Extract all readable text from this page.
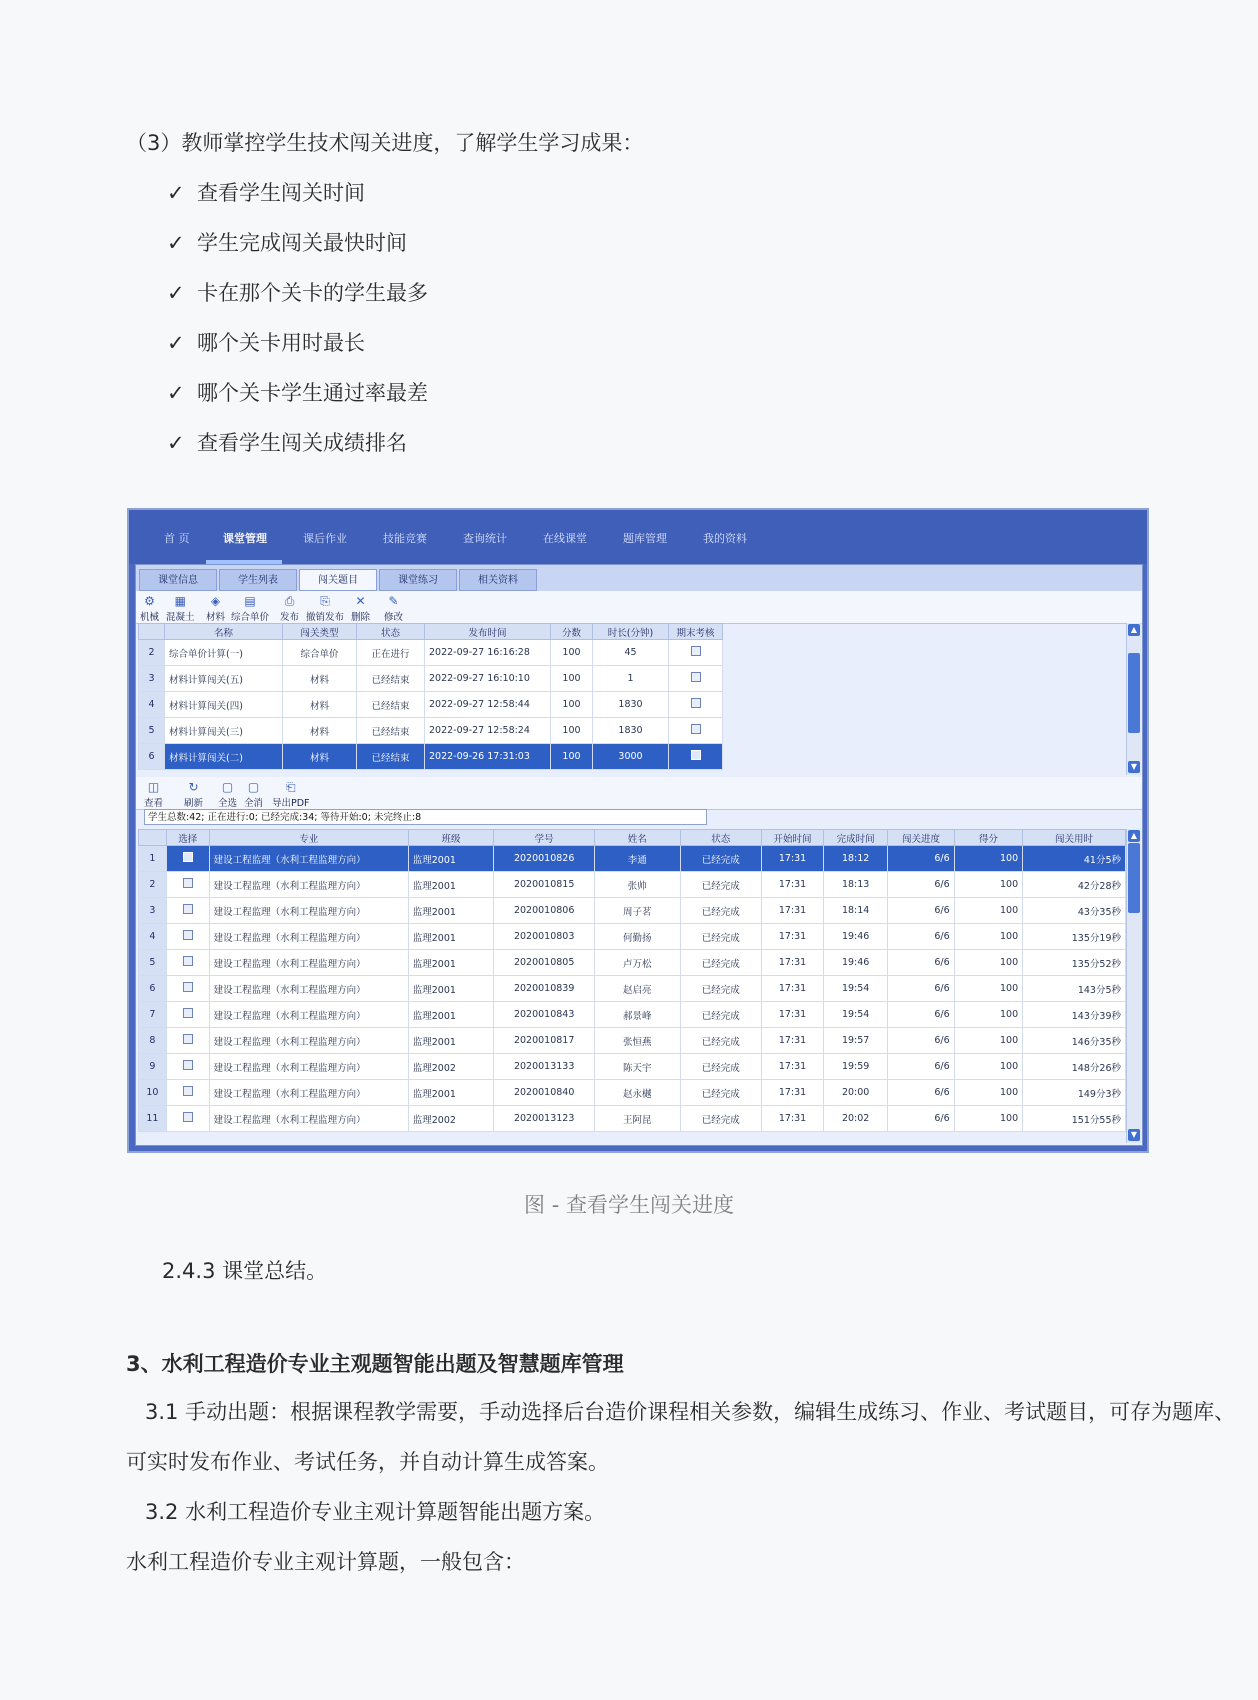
（3）教师掌控学生技术闯关进度，了解学生学习成果：
✓ 查看学生闯关时间
✓ 学生完成闯关最快时间
✓ 卡在那个关卡的学生最多
✓ 哪个关卡用时最长
✓ 哪个关卡学生通过率最差
✓ 查看学生闯关成绩排名
首 页	课堂管理	课后作业	技能竞赛	查询统计	在线课堂	题库管理	我的资料
课堂信息	学生列表	闯关题目	课堂练习	相关资料
⚙
机械
▦
混凝土
◈
材料
▤
综合单价
⎙
发布
⎘
撤销发布
✕
删除
✎
修改
	名称	闯关类型	状态	发布时间	分数	时长(分钟)	期末考核
2	综合单价计算(一)	综合单价	正在进行	2022-09-27 16:16:28	100	45	
3	材料计算闯关(五)	材料	已经结束	2022-09-27 16:10:10	100	1	
4	材料计算闯关(四)	材料	已经结束	2022-09-27 12:58:44	100	1830	
5	材料计算闯关(三)	材料	已经结束	2022-09-27 12:58:24	100	1830	
6	材料计算闯关(二)	材料	已经结束	2022-09-26 17:31:03	100	3000	
▲
▼
◫
查看
↻
刷新
▢
全选
▢
全消
⎗
导出PDF
学生总数:42; 正在进行:0; 已经完成:34; 等待开始:0; 未完终止:8
	选择	专业	班级	学号	姓名	状态	开始时间	完成时间	闯关进度	得分	闯关用时
1		建设工程监理（水利工程监理方向）	监理2001	2020010826	李通	已经完成	17:31	18:12	6/6	100	41分5秒
2		建设工程监理（水利工程监理方向）	监理2001	2020010815	张帅	已经完成	17:31	18:13	6/6	100	42分28秒
3		建设工程监理（水利工程监理方向）	监理2001	2020010806	周子茗	已经完成	17:31	18:14	6/6	100	43分35秒
4		建设工程监理（水利工程监理方向）	监理2001	2020010803	何勤扬	已经完成	17:31	19:46	6/6	100	135分19秒
5		建设工程监理（水利工程监理方向）	监理2001	2020010805	卢万松	已经完成	17:31	19:46	6/6	100	135分52秒
6		建设工程监理（水利工程监理方向）	监理2001	2020010839	赵启亮	已经完成	17:31	19:54	6/6	100	143分5秒
7		建设工程监理（水利工程监理方向）	监理2001	2020010843	郝景峰	已经完成	17:31	19:54	6/6	100	143分39秒
8		建设工程监理（水利工程监理方向）	监理2001	2020010817	张恒燕	已经完成	17:31	19:57	6/6	100	146分35秒
9		建设工程监理（水利工程监理方向）	监理2002	2020013133	陈天宇	已经完成	17:31	19:59	6/6	100	148分26秒
10		建设工程监理（水利工程监理方向）	监理2001	2020010840	赵永樾	已经完成	17:31	20:00	6/6	100	149分3秒
11		建设工程监理（水利工程监理方向）	监理2002	2020013123	王阿昆	已经完成	17:31	20:02	6/6	100	151分55秒
▲
▼
图 - 查看学生闯关进度
2.4.3 课堂总结。
3、水利工程造价专业主观题智能出题及智慧题库管理
3.1 手动出题：根据课程教学需要，手动选择后台造价课程相关参数，编辑生成练习、作业、考试题目，可存为题库、
可实时发布作业、考试任务，并自动计算生成答案。
3.2 水利工程造价专业主观计算题智能出题方案。
水利工程造价专业主观计算题，一般包含：
